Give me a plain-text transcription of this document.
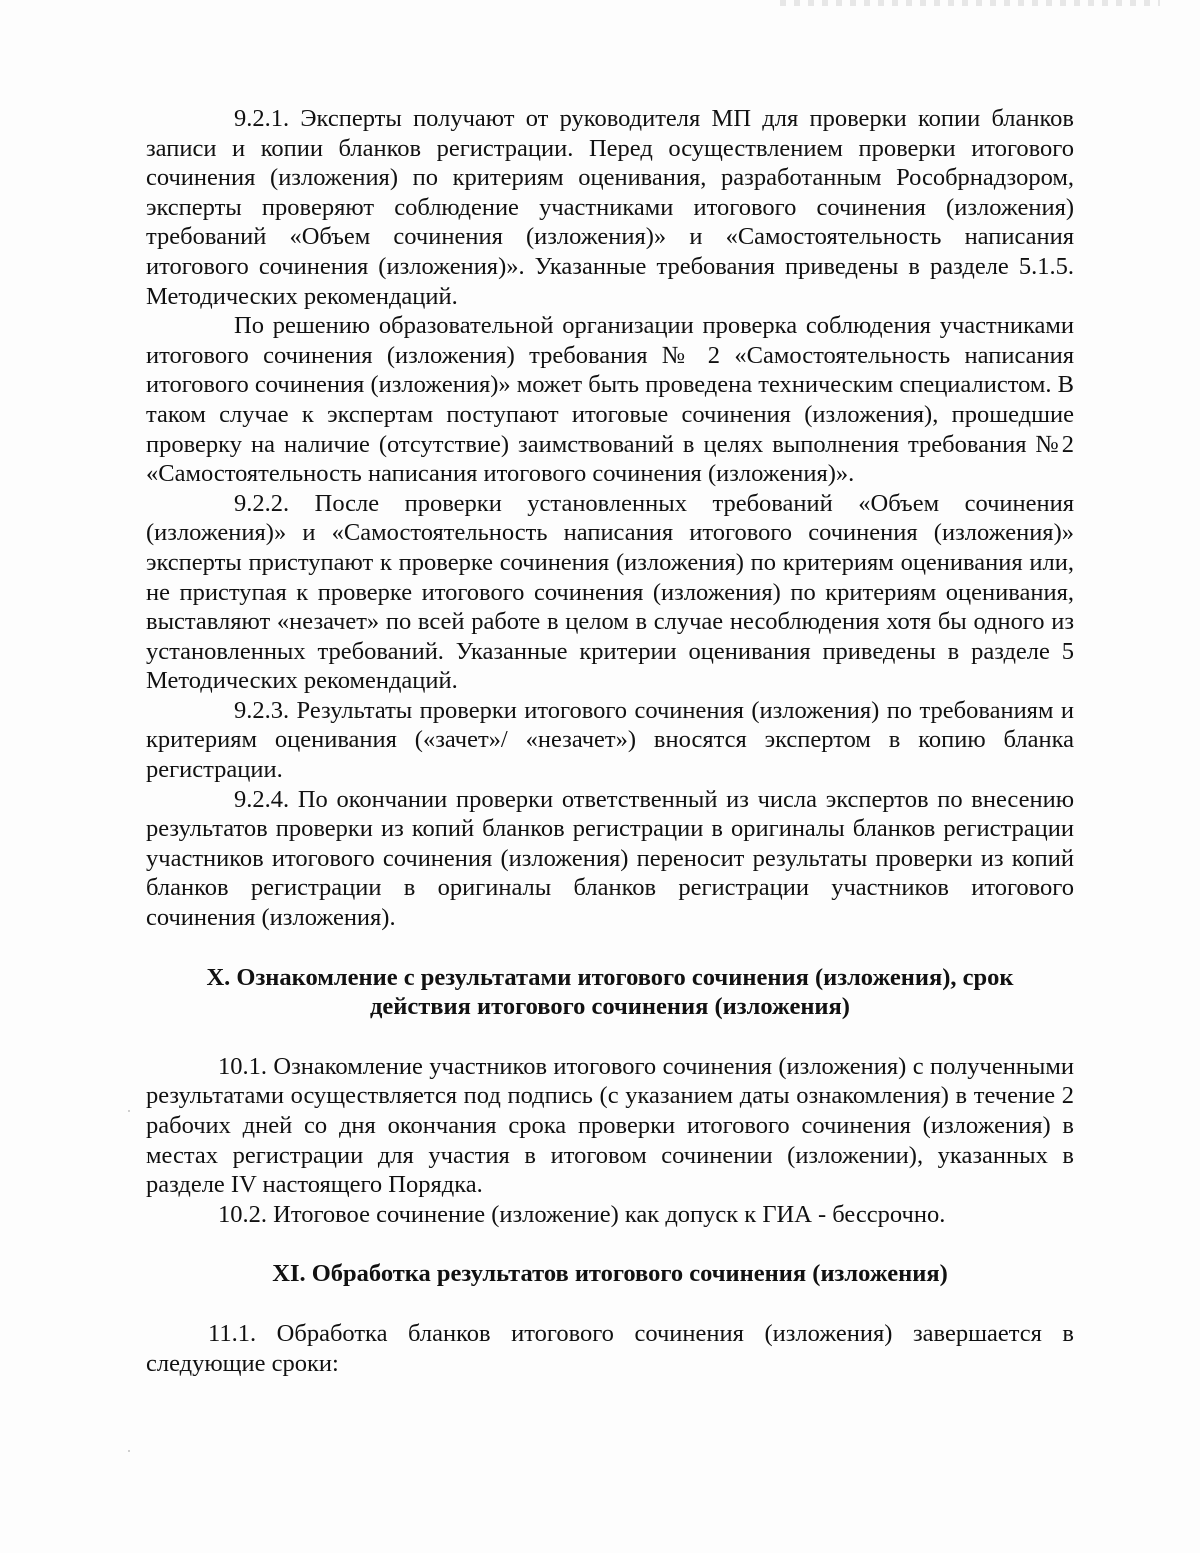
9.2.1. Эксперты получают от руководителя МП для проверки копии бланков записи и копии бланков регистрации. Перед осуществлением проверки итогового сочинения (изложения) по критериям оценивания, разработанным Рособрнадзором, эксперты проверяют соблюдение участниками итогового сочинения (изложения) требований «Объем сочинения (изложения)» и «Самостоятельность написания итогового сочинения (изложения)». Указанные требования приведены в разделе 5.1.5. Методических рекомендаций.

По решению образовательной организации проверка соблюдения участниками итогового сочинения (изложения) требования № 2 «Самостоятельность написания итогового сочинения (изложения)» может быть проведена техническим специалистом. В таком случае к экспертам поступают итоговые сочинения (изложения), прошедшие проверку на наличие (отсутствие) заимствований в целях выполнения требования №2 «Самостоятельность написания итогового сочинения (изложения)».

9.2.2. После проверки установленных требований «Объем сочинения (изложения)» и «Самостоятельность написания итогового сочинения (изложения)» эксперты приступают к проверке сочинения (изложения) по критериям оценивания или, не приступая к проверке итогового сочинения (изложения) по критериям оценивания, выставляют «незачет» по всей работе в целом в случае несоблюдения хотя бы одного из установленных требований. Указанные критерии оценивания приведены в разделе 5 Методических рекомендаций.

9.2.3. Результаты проверки итогового сочинения (изложения) по требованиям и критериям оценивания («зачет»/ «незачет») вносятся экспертом в копию бланка регистрации.

9.2.4. По окончании проверки ответственный из числа экспертов по внесению результатов проверки из копий бланков регистрации в оригиналы бланков регистрации участников итогового сочинения (изложения) переносит результаты проверки из копий бланков регистрации в оригиналы бланков регистрации участников итогового сочинения (изложения).

X. Ознакомление с результатами итогового сочинения (изложения), срок
действия итогового сочинения (изложения)

10.1. Ознакомление участников итогового сочинения (изложения) с полученными результатами осуществляется под подпись (с указанием даты ознакомления) в течение 2 рабочих дней со дня окончания срока проверки итогового сочинения (изложения) в местах регистрации для участия в итоговом сочинении (изложении), указанных в разделе IV настоящего Порядка.

10.2. Итоговое сочинение (изложение) как допуск к ГИА - бессрочно.

XI. Обработка результатов итогового сочинения (изложения)

11.1. Обработка бланков итогового сочинения (изложения) завершается в следующие сроки:
